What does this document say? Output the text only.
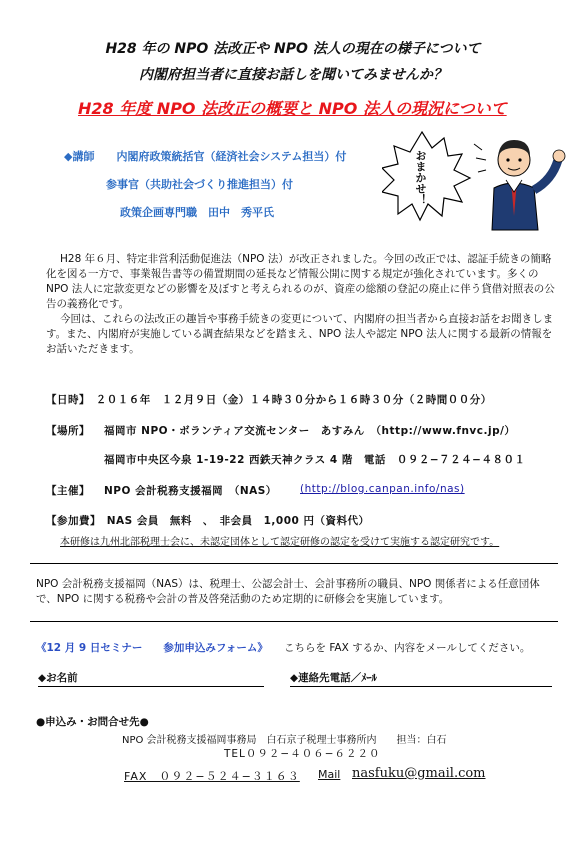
H28 年の NPO 法改正や NPO 法人の現在の様子について
内閣府担当者に直接お話しを聞いてみませんか？
H28 年度 NPO 法改正の概要と NPO 法人の現況について
◆講師　　内閣府政策統括官（経済社会システム担当）付
参事官（共助社会づくり推進担当）付
政策企画専門職　田中　秀平氏
おまかせ！
H28 年６月、特定非営利活動促進法（NPO 法）が改正されました。今回の改正では、認証手続きの簡略化を図る一方で、事業報告書等の備置期間の延長など情報公開に関する規定が強化されています。多くの NPO 法人に定款変更などの影響を及ぼすと考えられるのが、資産の総額の登記の廃止に伴う貸借対照表の公告の義務化です。
今回は、これらの法改正の趣旨や事務手続きの変更について、内閣府の担当者から直接お話をお聞きします。また、内閣府が実施している調査結果などを踏まえ、NPO 法人や認定 NPO 法人に関する最新の情報をお話いただきます。
【日時】　２０１６年　１２月９日（金）１４時３０分から１６時３０分（２時間００分）
【場所】 福岡市 NPO・ボランティア交流センター　あすみん　（http://www.fnvc.jp/）
福岡市中央区今泉 1-19-22 西鉄天神クラス 4 階　電話　０９２−７２４−４８０１
【主催】 NPO 会計税務支援福岡　（NAS） (http://blog.canpan.info/nas)
【参加費】　NAS 会員　無料　、　非会員　1,000 円（資料代）
本研修は九州北部税理士会に、未認定団体として認定研修の認定を受けて実施する認定研究です。
NPO 会計税務支援福岡（NAS）は、税理士、公認会計士、会計事務所の職員、NPO 関係者による任意団体で、NPO に関する税務や会計の普及啓発活動のため定期的に研修会を実施しています。
《12 月 9 日セミナー　　参加申込みフォーム》 こちらを FAX するか、内容をメールしてください。
◆お名前	◆連絡先電話／ﾒｰﾙ
●申込み・お問合せ先●
NPO 会計税務支援福岡事務局　白石京子税理士事務所内　　担当：白石
TEL０９２−４０６−６２２０
FAX　０９２−５２４−３１６３ Mail nasfuku@gmail.com
